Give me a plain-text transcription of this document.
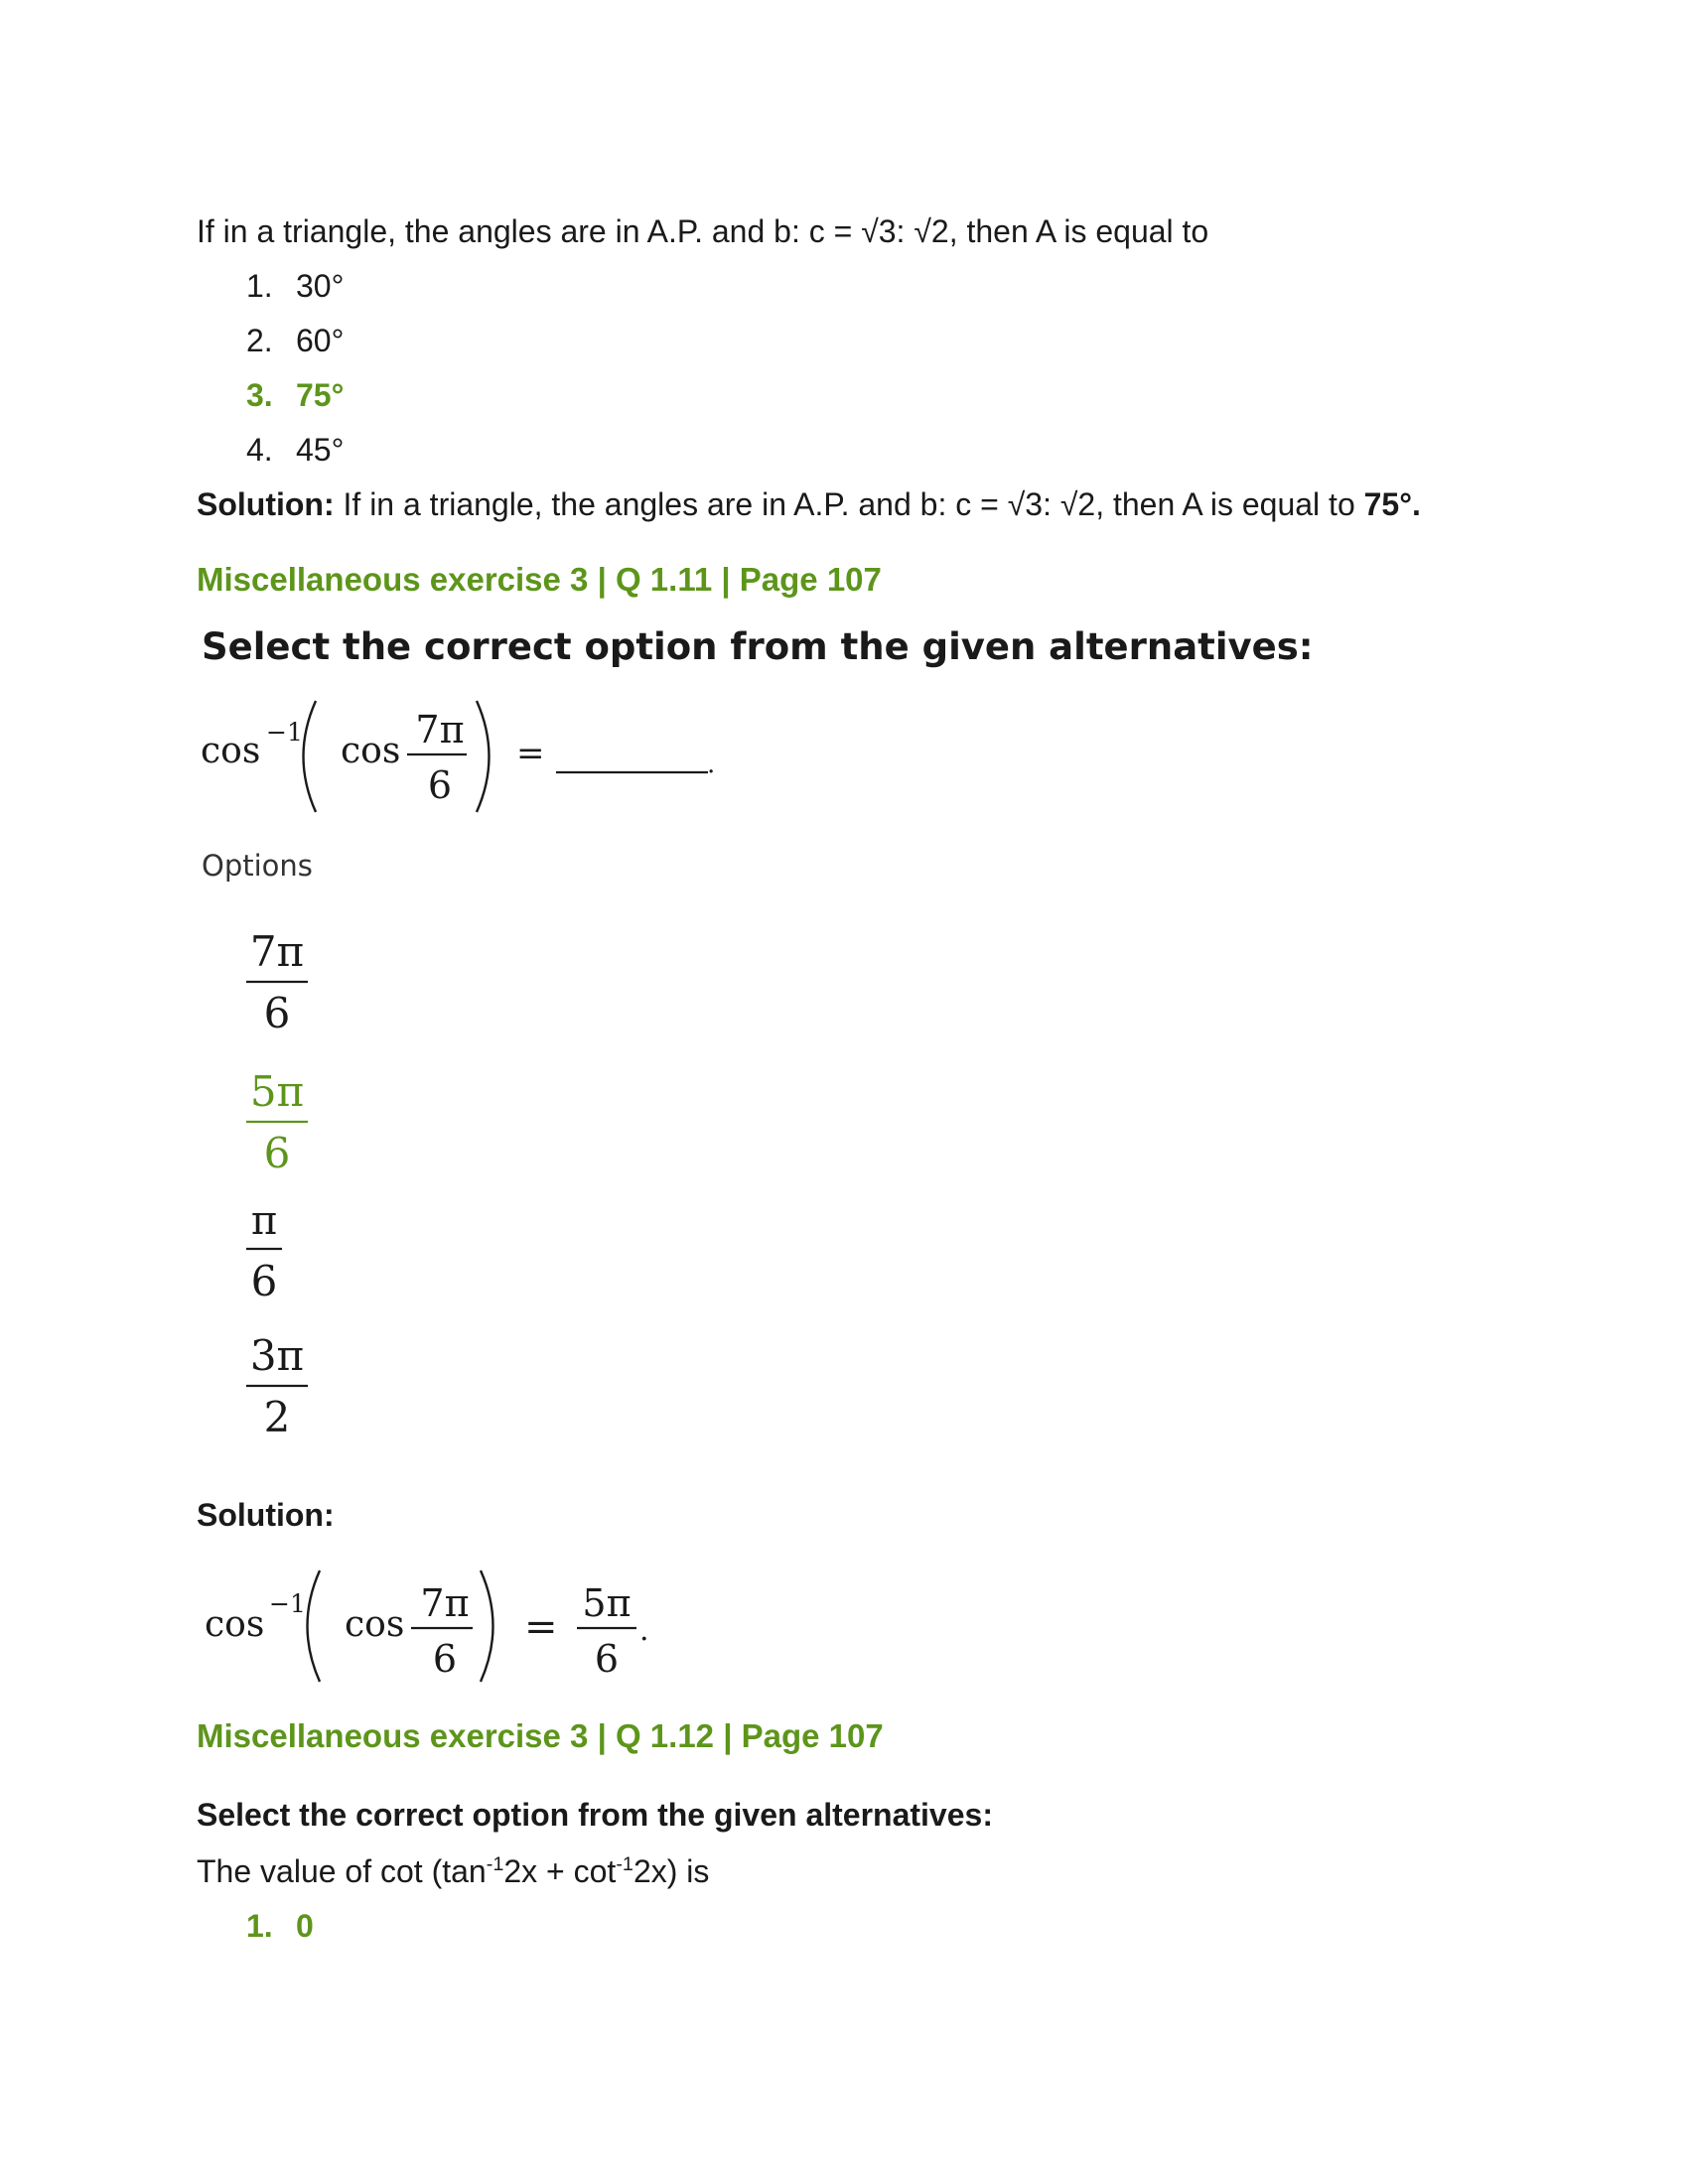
If in a triangle, the angles are in A.P. and b: c = √3: √2, then A is equal to
1. 30°
2. 60°
3. 75°
4. 45°
Solution: If in a triangle, the angles are in A.P. and b: c = √3: √2, then A is equal to 75°.
Miscellaneous exercise 3 | Q 1.11 | Page 107
Select the correct option from the given alternatives:
cos −1 cos 7π
6
=	.
Options
7π
6
5π
6
π
6
3π
2
Solution:
cos
−1
cos 7π
6
=
5π
6
.
Miscellaneous exercise 3 | Q 1.12 | Page 107
Select the correct option from the given alternatives:
The value of $\cot (\tan^{-1}2x + \cot^{-1}2x)$ is
1. 0
